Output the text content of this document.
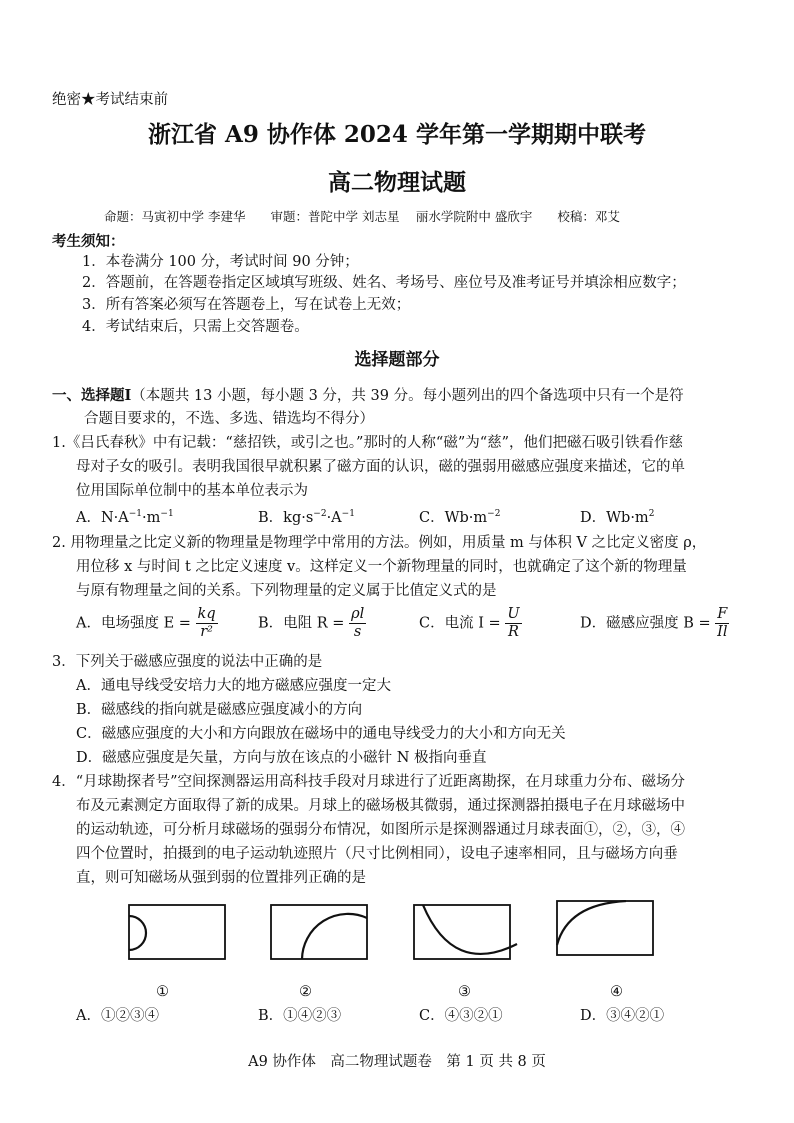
绝密★考试结束前
浙江省 A9 协作体 2024 学年第一学期期中联考
高二物理试题
命题：马寅初中学 李建华　　审题：普陀中学 刘志星　 丽水学院附中 盛欣宇　　校稿：邓艾
考生须知：
1．本卷满分 100 分，考试时间 90 分钟；
2．答题前，在答题卷指定区域填写班级、姓名、考场号、座位号及准考证号并填涂相应数字；
3．所有答案必须写在答题卷上，写在试卷上无效；
4．考试结束后，只需上交答题卷。
选择题部分
一、选择题Ⅰ（本题共 13 小题，每小题 3 分，共 39 分。每小题列出的四个备选项中只有一个是符
合题目要求的，不选、多选、错选均不得分）
1.《吕氏春秋》中有记载：“慈招铁，或引之也。”那时的人称“磁”为“慈”，他们把磁石吸引铁看作慈
母对子女的吸引。表明我国很早就积累了磁方面的认识，磁的强弱用磁感应强度来描述，它的单
位用国际单位制中的基本单位表示为
A．$N\cdot A^{-1}\cdot m^{-1}$	B．$kg\cdot s^{-2}\cdot A^{-1}$	C．$Wb\cdot m^{-2}$	D．$Wb\cdot m^2$
2. 用物理量之比定义新的物理量是物理学中常用的方法。例如，用质量 m 与体积 V 之比定义密度 ρ，
用位移 x 与时间 t 之比定义速度 v。这样定义一个新物理量的同时，也就确定了这个新的物理量
与原有物理量之间的关系。下列物理量的定义属于比值定义式的是
A．电场强度 $E = \frac{kq}{\text{r²}}$	B．电阻 $R = \frac{\rho l}{s}$	C．电流 $I = \frac{U}{R}$	D．磁感应强度 $B = \frac{F}{Il}$
3．下列关于磁感应强度的说法中正确的是
A．通电导线受安培力大的地方磁感应强度一定大
B．磁感线的指向就是磁感应强度减小的方向
C．磁感应强度的大小和方向跟放在磁场中的通电导线受力的大小和方向无关
D．磁感应强度是矢量，方向与放在该点的小磁针 N 极指向垂直
4．“月球勘探者号”空间探测器运用高科技手段对月球进行了近距离勘探，在月球重力分布、磁场分
布及元素测定方面取得了新的成果。月球上的磁场极其微弱，通过探测器拍摄电子在月球磁场中
的运动轨迹，可分析月球磁场的强弱分布情况，如图所示是探测器通过月球表面①，②，③，④
四个位置时，拍摄到的电子运动轨迹照片（尺寸比例相同），设电子速率相同，且与磁场方向垂
直，则可知磁场从强到弱的位置排列正确的是
①	②	③	④
A．①②③④	B．①④②③	C．④③②①	D．③④②①
A9 协作体　高二物理试题卷　第 1 页 共 8 页
